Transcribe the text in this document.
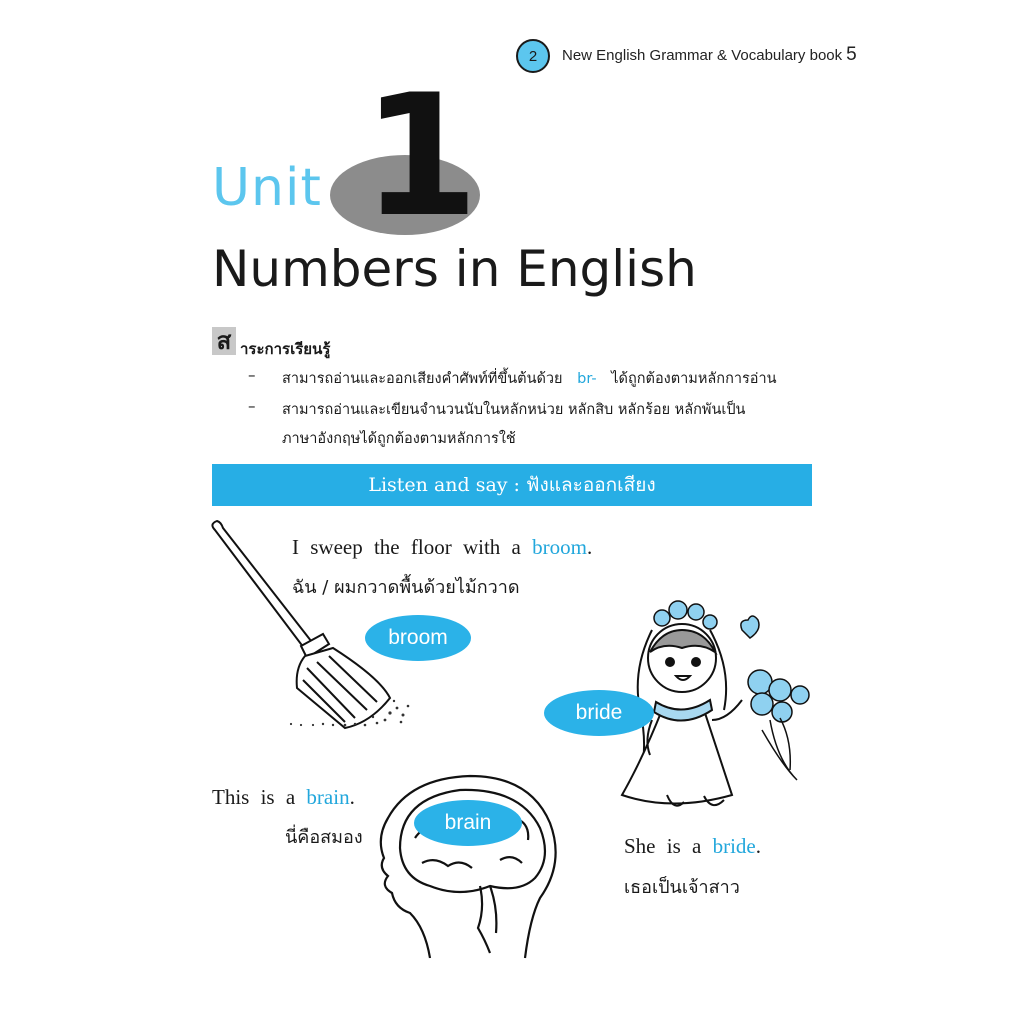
2	New English Grammar & Vocabulary book 5
Unit 1
Numbers in English
ส าระการเรียนรู้
– สามารถอ่านและออกเสียงคำศัพท์ที่ขึ้นต้นด้วย br- ได้ถูกต้องตามหลักการอ่าน
– สามารถอ่านและเขียนจำนวนนับในหลักหน่วย หลักสิบ หลักร้อย หลักพันเป็น
ภาษาอังกฤษได้ถูกต้องตามหลักการใช้
Listen and say : ฟังและออกเสียง
I sweep the floor with a broom.
ฉัน / ผมกวาดพื้นด้วยไม้กวาด
broom
bride
She is a bride.
เธอเป็นเจ้าสาว
This is a brain.
นี่คือสมอง
brain
